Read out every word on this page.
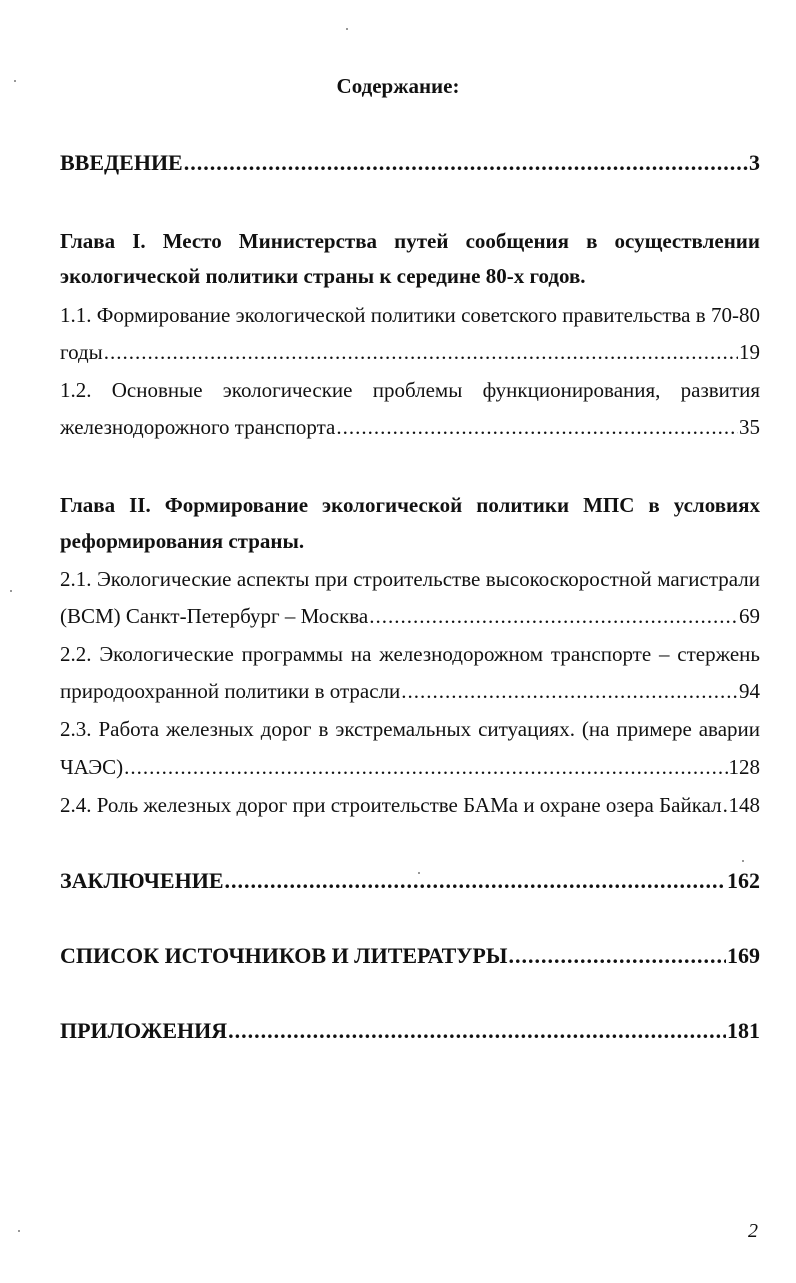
Содержание:
ВВЕДЕНИЕ .....	3
Глава I. Место Министерства путей сообщения в осуществлении
экологической политики страны к середине 80-х годов.
1.1. Формирование экологической политики советского правительства в 70-80
годы .....	19
1.2. Основные экологические проблемы функционирования, развития
железнодорожного транспорта .....	35
Глава II. Формирование экологической политики МПС в условиях
реформирования страны.
2.1. Экологические аспекты при строительстве высокоскоростной магистрали
(ВСМ) Санкт-Петербург – Москва .....	69
2.2. Экологические программы на железнодорожном транспорте – стержень
природоохранной политики в отрасли .....	94
2.3. Работа железных дорог в экстремальных ситуациях. (на примере аварии
ЧАЭС) .....	128
2.4. Роль железных дорог при строительстве БАМа и охране озера Байкал ..... 148
ЗАКЛЮЧЕНИЕ .....	162
СПИСОК ИСТОЧНИКОВ И ЛИТЕРАТУРЫ .....	169
ПРИЛОЖЕНИЯ .....	181
2
